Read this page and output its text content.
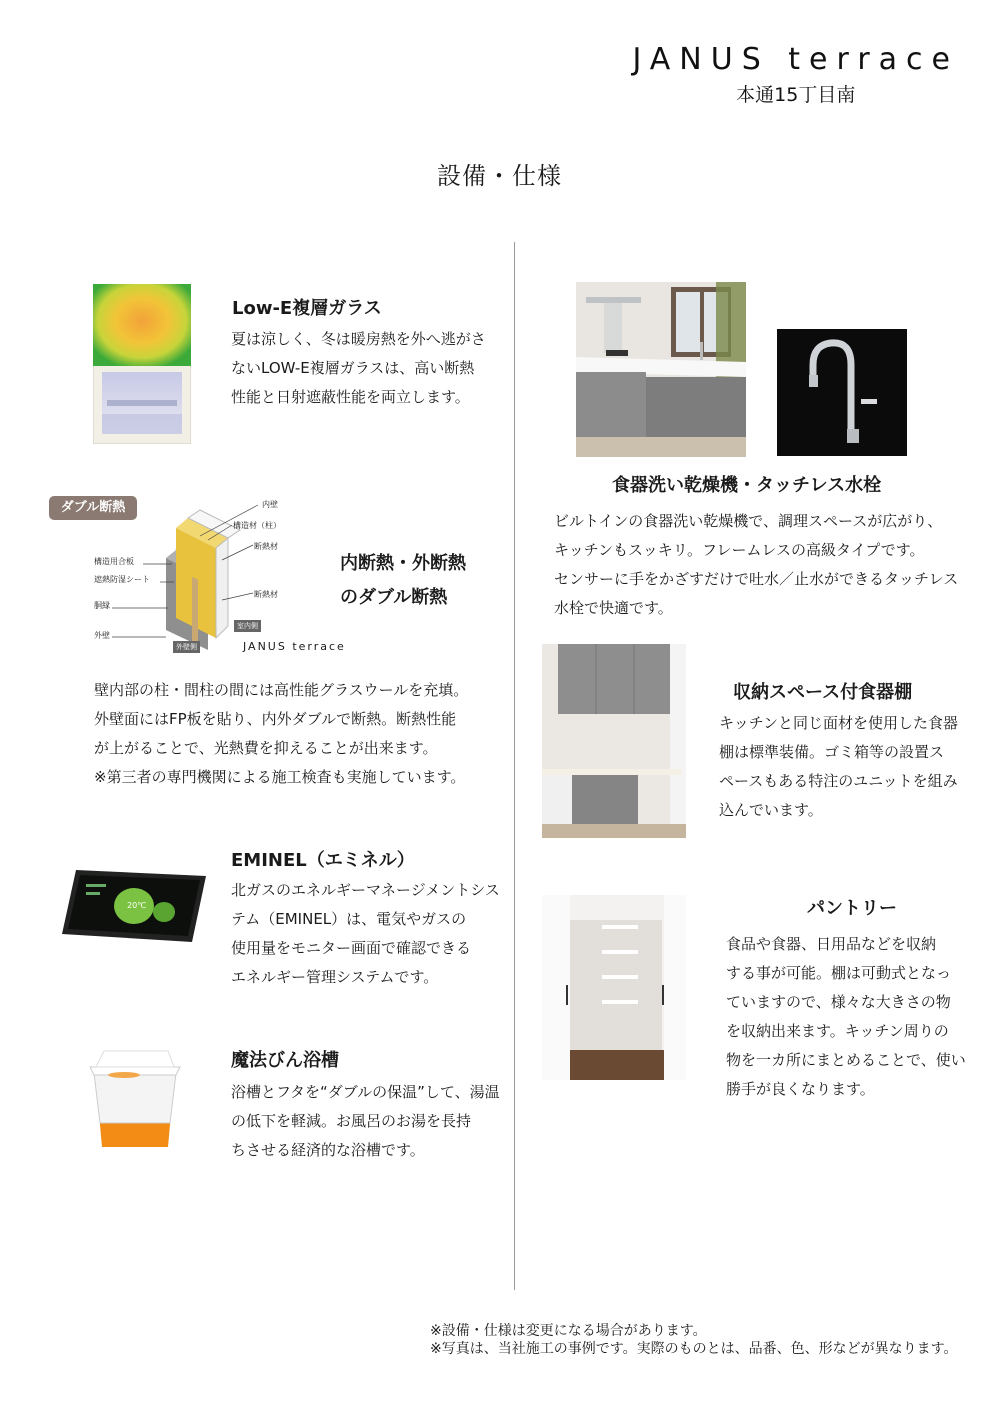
JANUS terrace
本通15丁目南
設備・仕様
Low-E複層ガラス
夏は涼しく、冬は暖房熱を外へ逃がさ
ないLOW-E複層ガラスは、高い断熱
性能と日射遮蔽性能を両立します。
ダブル断熱	内壁
構造材（柱）
断熱材
構造用合板
遮熱防湿シート
断熱材
胴縁
外壁
室内側
外壁側	JANUS terrace
内断熱・外断熱
のダブル断熱
壁内部の柱・間柱の間には高性能グラスウールを充填。
外壁面にはFP板を貼り、内外ダブルで断熱。断熱性能
が上がることで、光熱費を抑えることが出来ます。
※第三者の専門機関による施工検査も実施しています。
20℃
EMINEL（エミネル）
北ガスのエネルギーマネージメントシス
テム（EMINEL）は、電気やガスの
使用量をモニター画面で確認できる
エネルギー管理システムです。
魔法びん浴槽
浴槽とフタを“ダブルの保温”して、湯温
の低下を軽減。お風呂のお湯を長持
ちさせる経済的な浴槽です。
食器洗い乾燥機・タッチレス水栓
ビルトインの食器洗い乾燥機で、調理スペースが広がり、
キッチンもスッキリ。フレームレスの高級タイプです。
センサーに手をかざすだけで吐水／止水ができるタッチレス
水栓で快適です。
収納スペース付食器棚
キッチンと同じ面材を使用した食器
棚は標準装備。ゴミ箱等の設置ス
ペースもある特注のユニットを組み
込んでいます。
パントリー
食品や食器、日用品などを収納
する事が可能。棚は可動式となっ
ていますので、様々な大きさの物
を収納出来ます。キッチン周りの
物を一カ所にまとめることで、使い
勝手が良くなります。
※設備・仕様は変更になる場合があります。
※写真は、当社施工の事例です。実際のものとは、品番、色、形などが異なります。
